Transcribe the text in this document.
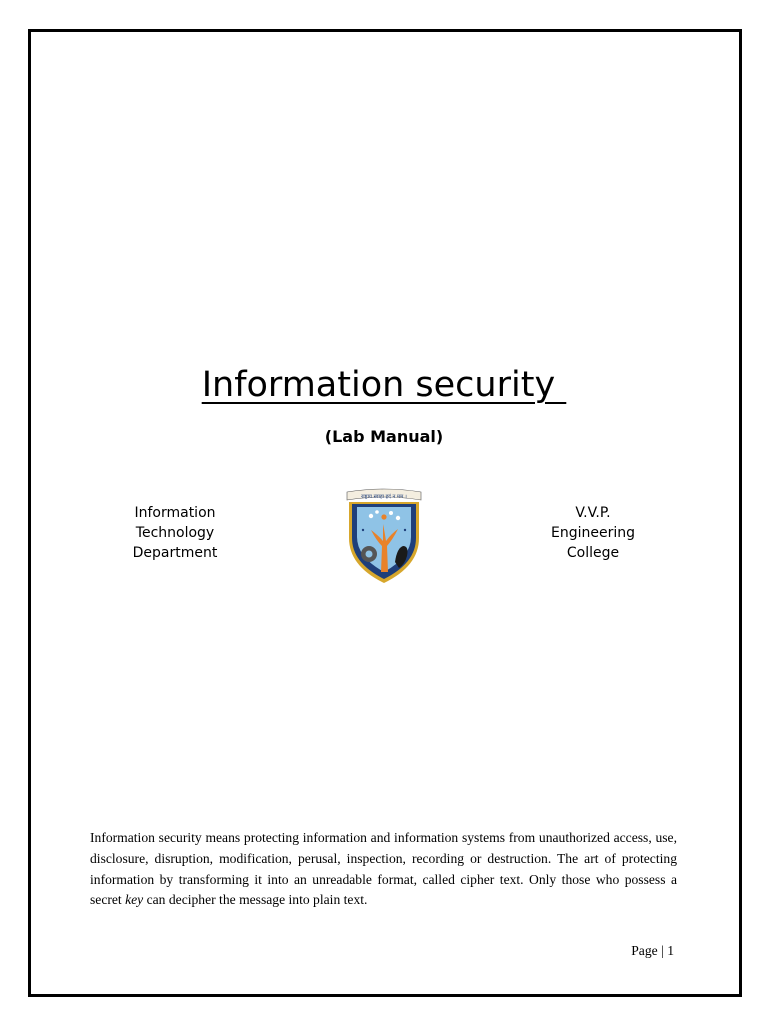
Information security
(Lab Manual)
Information
Technology
Department
राष्ट्राय स्वाहा इदं न मम ।
V.V.P.
Engineering
College
Information security means protecting information and information systems from unauthorized access, use, disclosure, disruption, modification, perusal, inspection, recording or destruction. The art of protecting information by transforming it into an unreadable format, called cipher text. Only those who possess a secret key can decipher the message into plain text.
Page | 1
